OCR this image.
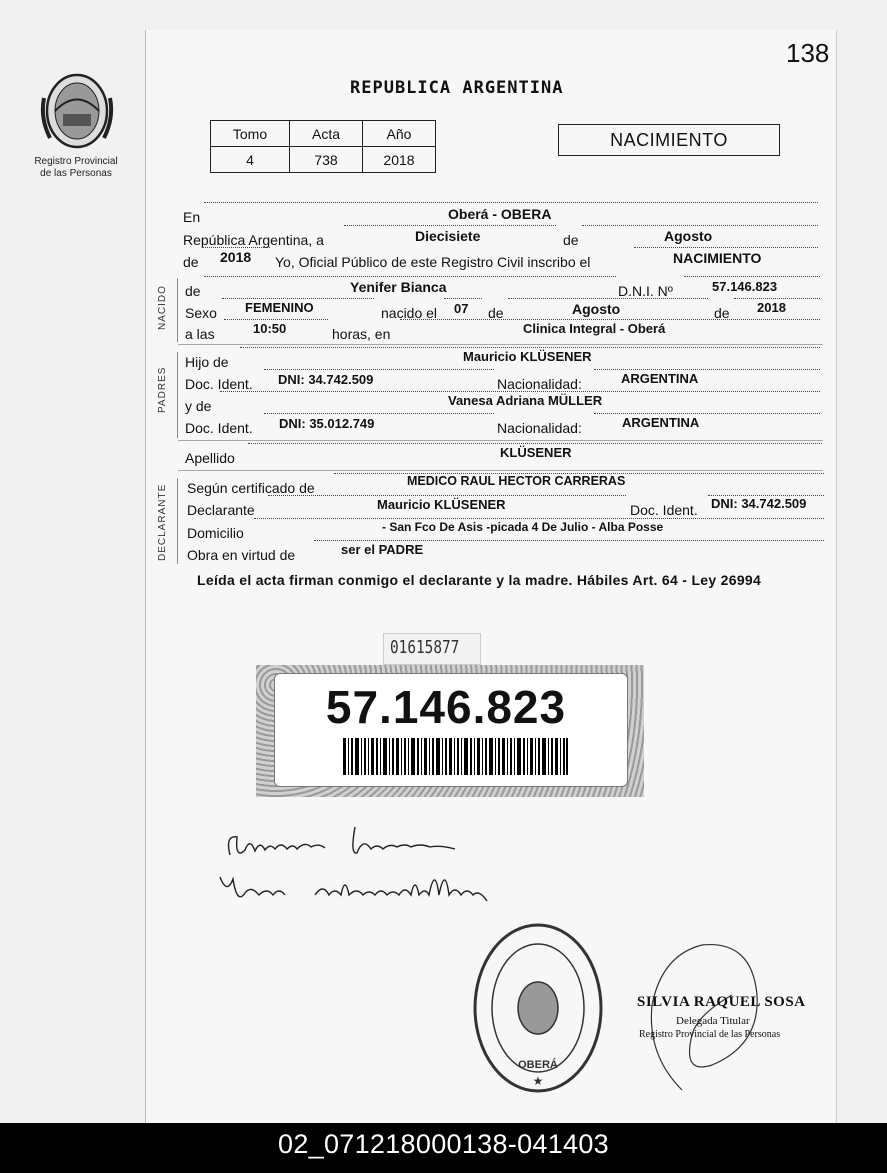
138
Registro Provincial
de las Personas
REPUBLICA ARGENTINA
Tomo	Acta	Año
4	738	2018
NACIMIENTO
En	Oberá - OBERA
República Argentina, a	Diecisiete	de	Agosto
de 2018 Yo, Oficial Público de este Registro Civil inscribo el	NACIMIENTO
NACIDO de	Yenifer Bianca	D.N.I. Nº	57.146.823
Sexo FEMENINO	nacido el 07 de	Agosto	de 2018
a las	10:50	horas, en	Clinica Integral - Oberá
PADRES
Hijo de	Mauricio KLÜSENER
Doc. Ident. DNI: 34.742.509	Nacionalidad:	ARGENTINA
y de	Vanesa Adriana MÜLLER
Doc. Ident. DNI: 35.012.749	Nacionalidad:	ARGENTINA
Apellido	KLÜSENER
DECLARANTE Según certificado de	MEDICO RAUL HECTOR CARRERAS
Declarante	Mauricio KLÜSENER	Doc. Ident. DNI: 34.742.509
Domicilio	- San Fco De Asis -picada 4 De Julio - Alba Posse
Obra en virtud de	ser el PADRE
Leída el acta firman conmigo el declarante y la madre. Hábiles Art. 64 - Ley 26994
01615877
57.146.823
OBERÁ
★
SILVIA RAQUEL SOSA
Delegada Titular
Registro Provincial de las Personas
02_071218000138-041403
